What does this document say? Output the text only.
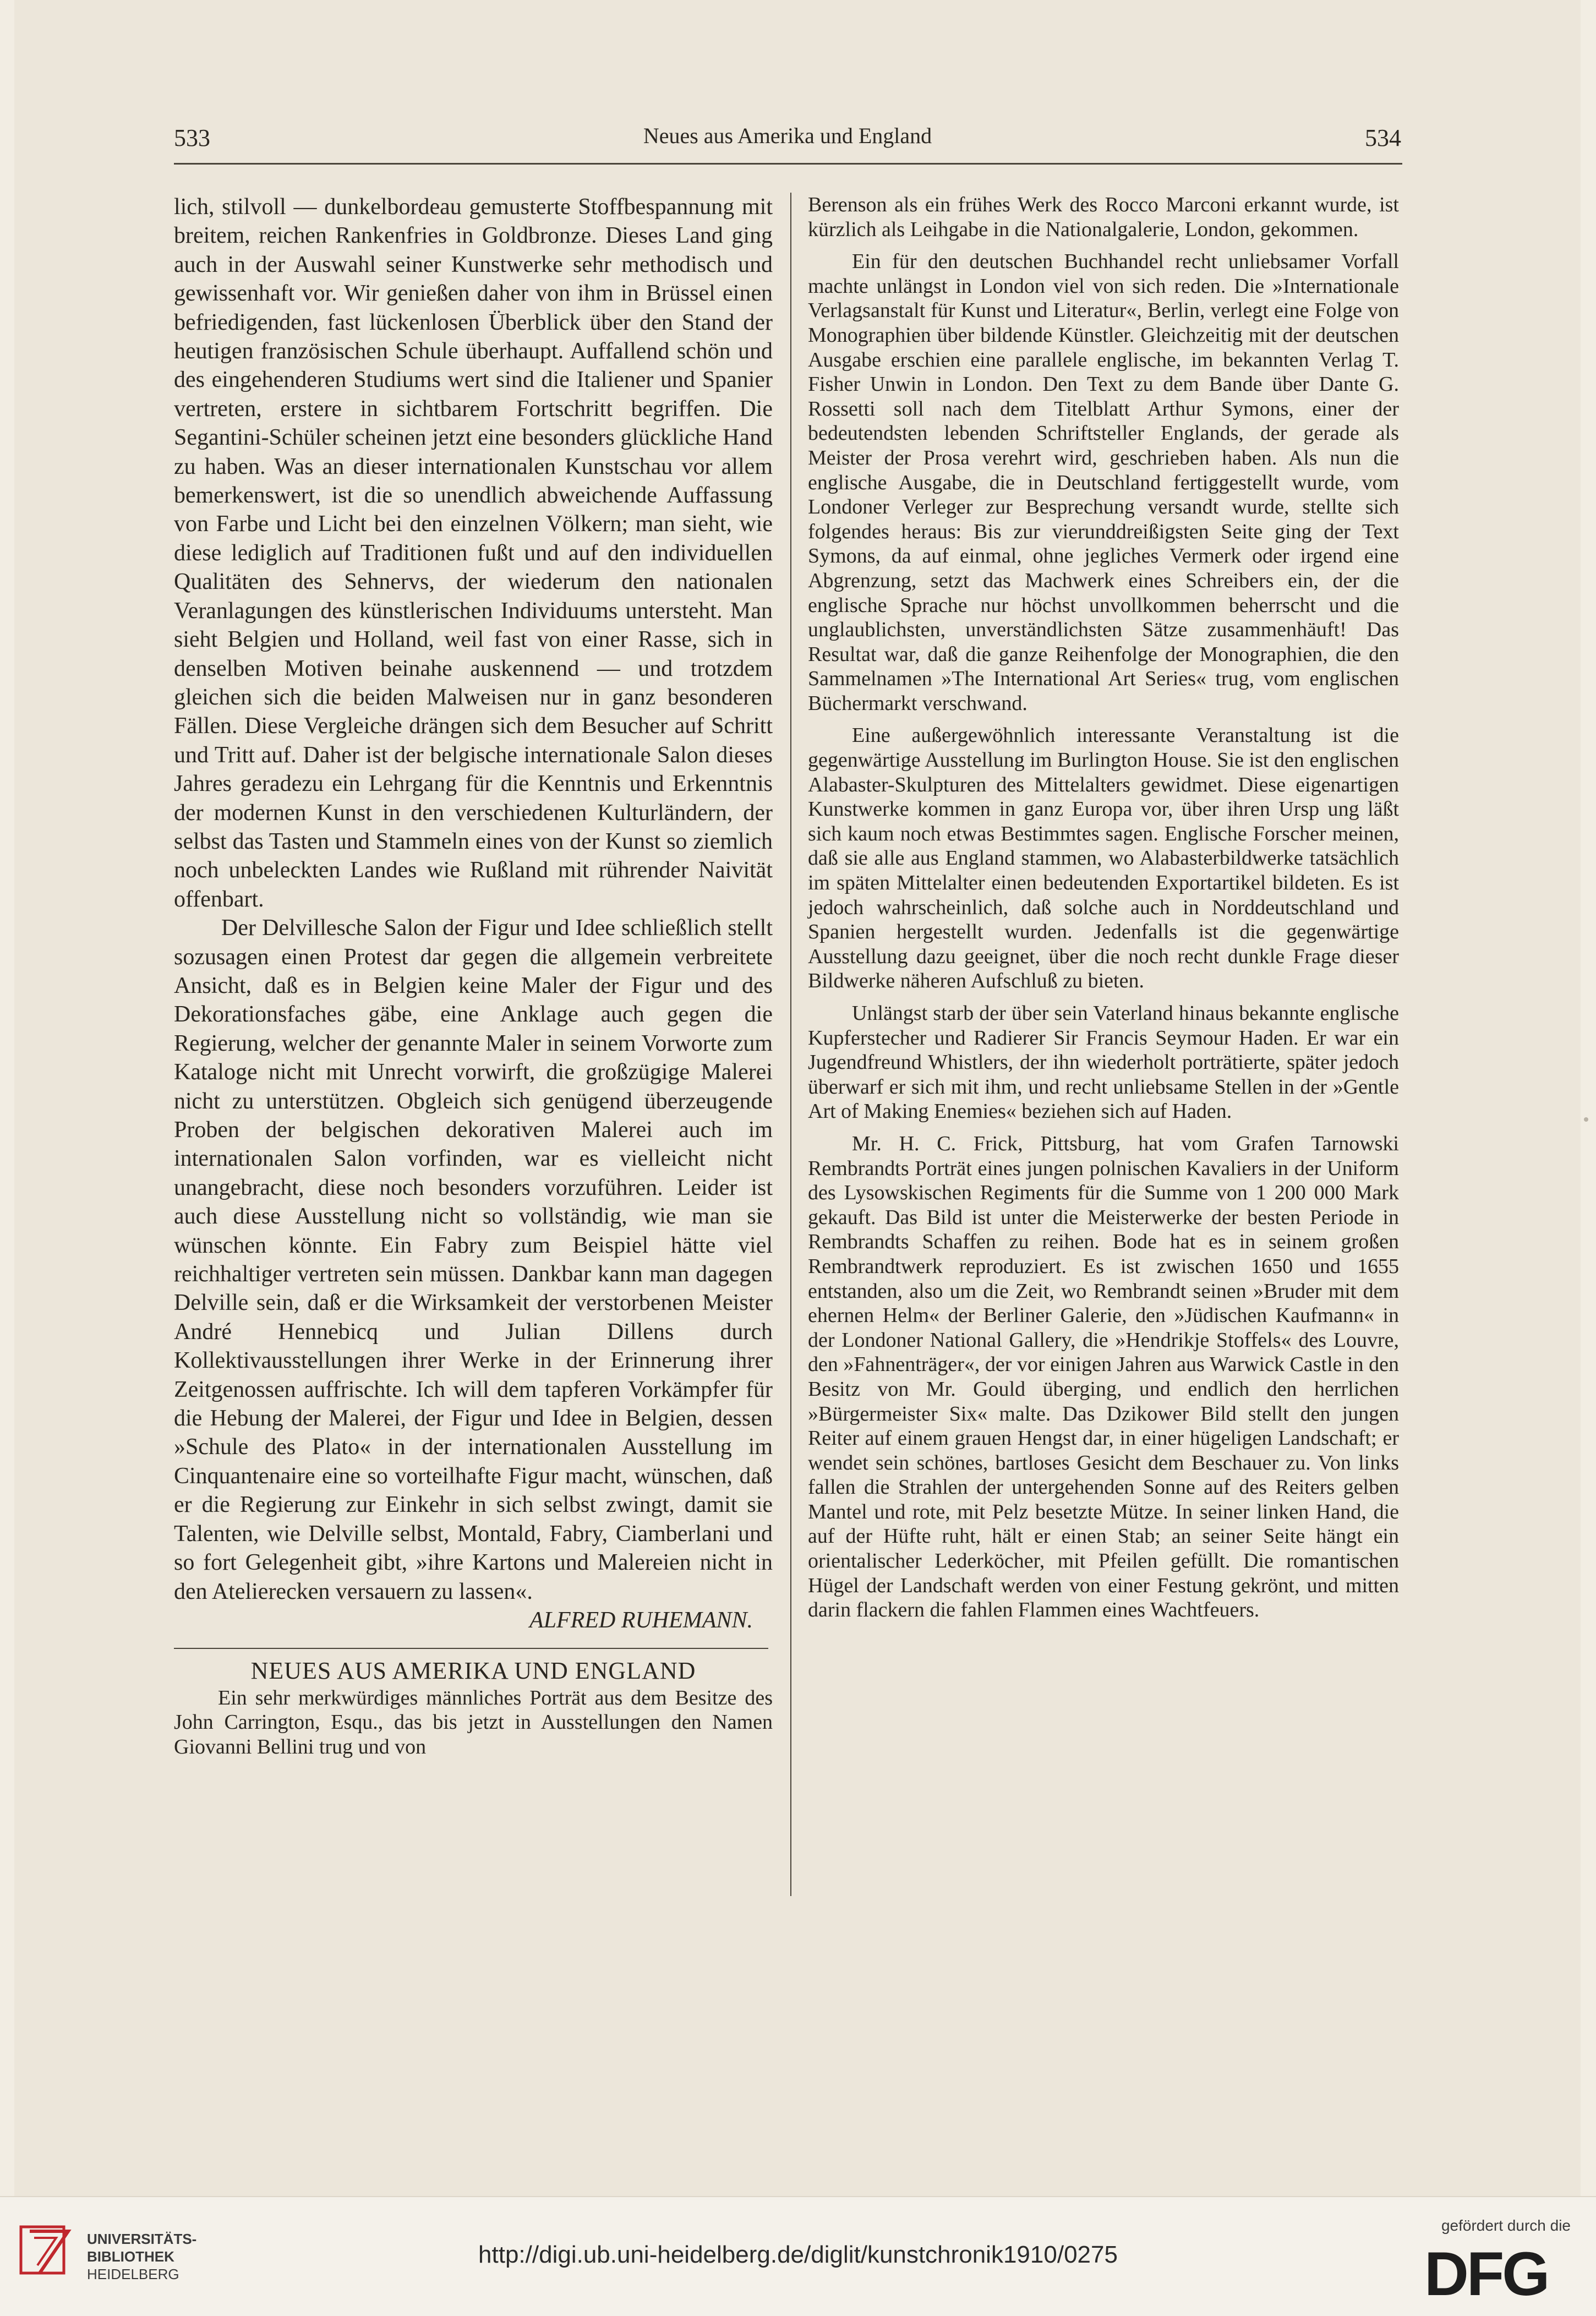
533	Neues aus Amerika und England	534

lich, stilvoll — dunkelbordeau gemusterte Stoffbespannung mit breitem, reichen Rankenfries in Goldbronze. Dieses Land ging auch in der Auswahl seiner Kunstwerke sehr methodisch und gewissenhaft vor. Wir genießen daher von ihm in Brüssel einen befriedigenden, fast lückenlosen Überblick über den Stand der heutigen französischen Schule überhaupt. Auffallend schön und des eingehenderen Studiums wert sind die Italiener und Spanier vertreten, erstere in sichtbarem Fortschritt begriffen. Die Segantini-Schüler scheinen jetzt eine besonders glückliche Hand zu haben. Was an dieser internationalen Kunstschau vor allem bemerkenswert, ist die so unendlich abweichende Auffassung von Farbe und Licht bei den einzelnen Völkern; man sieht, wie diese lediglich auf Traditionen fußt und auf den individuellen Qualitäten des Sehnervs, der wiederum den nationalen Veranlagungen des künstlerischen Individuums untersteht. Man sieht Belgien und Holland, weil fast von einer Rasse, sich in denselben Motiven beinahe auskennend — und trotzdem gleichen sich die beiden Malweisen nur in ganz besonderen Fällen. Diese Vergleiche drängen sich dem Besucher auf Schritt und Tritt auf. Daher ist der belgische internationale Salon dieses Jahres geradezu ein Lehrgang für die Kenntnis und Erkenntnis der modernen Kunst in den verschiedenen Kulturländern, der selbst das Tasten und Stammeln eines von der Kunst so ziemlich noch unbeleckten Landes wie Rußland mit rührender Naivität offenbart.

Der Delvillesche Salon der Figur und Idee schließlich stellt sozusagen einen Protest dar gegen die allgemein verbreitete Ansicht, daß es in Belgien keine Maler der Figur und des Dekorationsfaches gäbe, eine Anklage auch gegen die Regierung, welcher der genannte Maler in seinem Vorworte zum Kataloge nicht mit Unrecht vorwirft, die großzügige Malerei nicht zu unterstützen. Obgleich sich genügend überzeugende Proben der belgischen dekorativen Malerei auch im internationalen Salon vorfinden, war es vielleicht nicht unangebracht, diese noch besonders vorzuführen. Leider ist auch diese Ausstellung nicht so vollständig, wie man sie wünschen könnte. Ein Fabry zum Beispiel hätte viel reichhaltiger vertreten sein müssen. Dankbar kann man dagegen Delville sein, daß er die Wirksamkeit der verstorbenen Meister André Hennebicq und Julian Dillens durch Kollektivausstellungen ihrer Werke in der Erinnerung ihrer Zeitgenossen auffrischte. Ich will dem tapferen Vorkämpfer für die Hebung der Malerei, der Figur und Idee in Belgien, dessen »Schule des Plato« in der internationalen Ausstellung im Cinquantenaire eine so vorteilhafte Figur macht, wünschen, daß er die Regierung zur Einkehr in sich selbst zwingt, damit sie Talenten, wie Delville selbst, Montald, Fabry, Ciamberlani und so fort Gelegenheit gibt, »ihre Kartons und Malereien nicht in den Atelierecken versauern zu lassen«.

ALFRED RUHEMANN.

NEUES AUS AMERIKA UND ENGLAND

Ein sehr merkwürdiges männliches Porträt aus dem Besitze des John Carrington, Esqu., das bis jetzt in Ausstellungen den Namen Giovanni Bellini trug und von

Berenson als ein frühes Werk des Rocco Marconi erkannt wurde, ist kürzlich als Leihgabe in die Nationalgalerie, London, gekommen.

Ein für den deutschen Buchhandel recht unliebsamer Vorfall machte unlängst in London viel von sich reden. Die »Internationale Verlagsanstalt für Kunst und Literatur«, Berlin, verlegt eine Folge von Monographien über bildende Künstler. Gleichzeitig mit der deutschen Ausgabe erschien eine parallele englische, im bekannten Verlag T. Fisher Unwin in London. Den Text zu dem Bande über Dante G. Rossetti soll nach dem Titelblatt Arthur Symons, einer der bedeutendsten lebenden Schriftsteller Englands, der gerade als Meister der Prosa verehrt wird, geschrieben haben. Als nun die englische Ausgabe, die in Deutschland fertiggestellt wurde, vom Londoner Verleger zur Besprechung versandt wurde, stellte sich folgendes heraus: Bis zur vierunddreißigsten Seite ging der Text Symons, da auf einmal, ohne jegliches Vermerk oder irgend eine Abgrenzung, setzt das Machwerk eines Schreibers ein, der die englische Sprache nur höchst unvollkommen beherrscht und die unglaublichsten, unverständlichsten Sätze zusammenhäuft! Das Resultat war, daß die ganze Reihenfolge der Monographien, die den Sammelnamen »The International Art Series« trug, vom englischen Büchermarkt verschwand.

Eine außergewöhnlich interessante Veranstaltung ist die gegenwärtige Ausstellung im Burlington House. Sie ist den englischen Alabaster-Skulpturen des Mittelalters gewidmet. Diese eigenartigen Kunstwerke kommen in ganz Europa vor, über ihren Ursp ung läßt sich kaum noch etwas Bestimmtes sagen. Englische Forscher meinen, daß sie alle aus England stammen, wo Alabasterbildwerke tatsächlich im späten Mittelalter einen bedeutenden Exportartikel bildeten. Es ist jedoch wahrscheinlich, daß solche auch in Norddeutschland und Spanien hergestellt wurden. Jedenfalls ist die gegenwärtige Ausstellung dazu geeignet, über die noch recht dunkle Frage dieser Bildwerke näheren Aufschluß zu bieten.

Unlängst starb der über sein Vaterland hinaus bekannte englische Kupferstecher und Radierer Sir Francis Seymour Haden. Er war ein Jugendfreund Whistlers, der ihn wiederholt porträtierte, später jedoch überwarf er sich mit ihm, und recht unliebsame Stellen in der »Gentle Art of Making Enemies« beziehen sich auf Haden.

Mr. H. C. Frick, Pittsburg, hat vom Grafen Tarnowski Rembrandts Porträt eines jungen polnischen Kavaliers in der Uniform des Lysowskischen Regiments für die Summe von 1 200 000 Mark gekauft. Das Bild ist unter die Meisterwerke der besten Periode in Rembrandts Schaffen zu reihen. Bode hat es in seinem großen Rembrandtwerk reproduziert. Es ist zwischen 1650 und 1655 entstanden, also um die Zeit, wo Rembrandt seinen »Bruder mit dem ehernen Helm« der Berliner Galerie, den »Jüdischen Kaufmann« in der Londoner National Gallery, die »Hendrikje Stoffels« des Louvre, den »Fahnenträger«, der vor einigen Jahren aus Warwick Castle in den Besitz von Mr. Gould überging, und endlich den herrlichen »Bürgermeister Six« malte. Das Dzikower Bild stellt den jungen Reiter auf einem grauen Hengst dar, in einer hügeligen Landschaft; er wendet sein schönes, bartloses Gesicht dem Beschauer zu. Von links fallen die Strahlen der untergehenden Sonne auf des Reiters gelben Mantel und rote, mit Pelz besetzte Mütze. In seiner linken Hand, die auf der Hüfte ruht, hält er einen Stab; an seiner Seite hängt ein orientalischer Lederköcher, mit Pfeilen gefüllt. Die romantischen Hügel der Landschaft werden von einer Festung gekrönt, und mitten darin flackern die fahlen Flammen eines Wachtfeuers.

UNIVERSITÄTS-
BIBLIOTHEK
HEIDELBERG
http://digi.ub.uni-heidelberg.de/diglit/kunstchronik1910/0275
gefördert durch die
DFG
